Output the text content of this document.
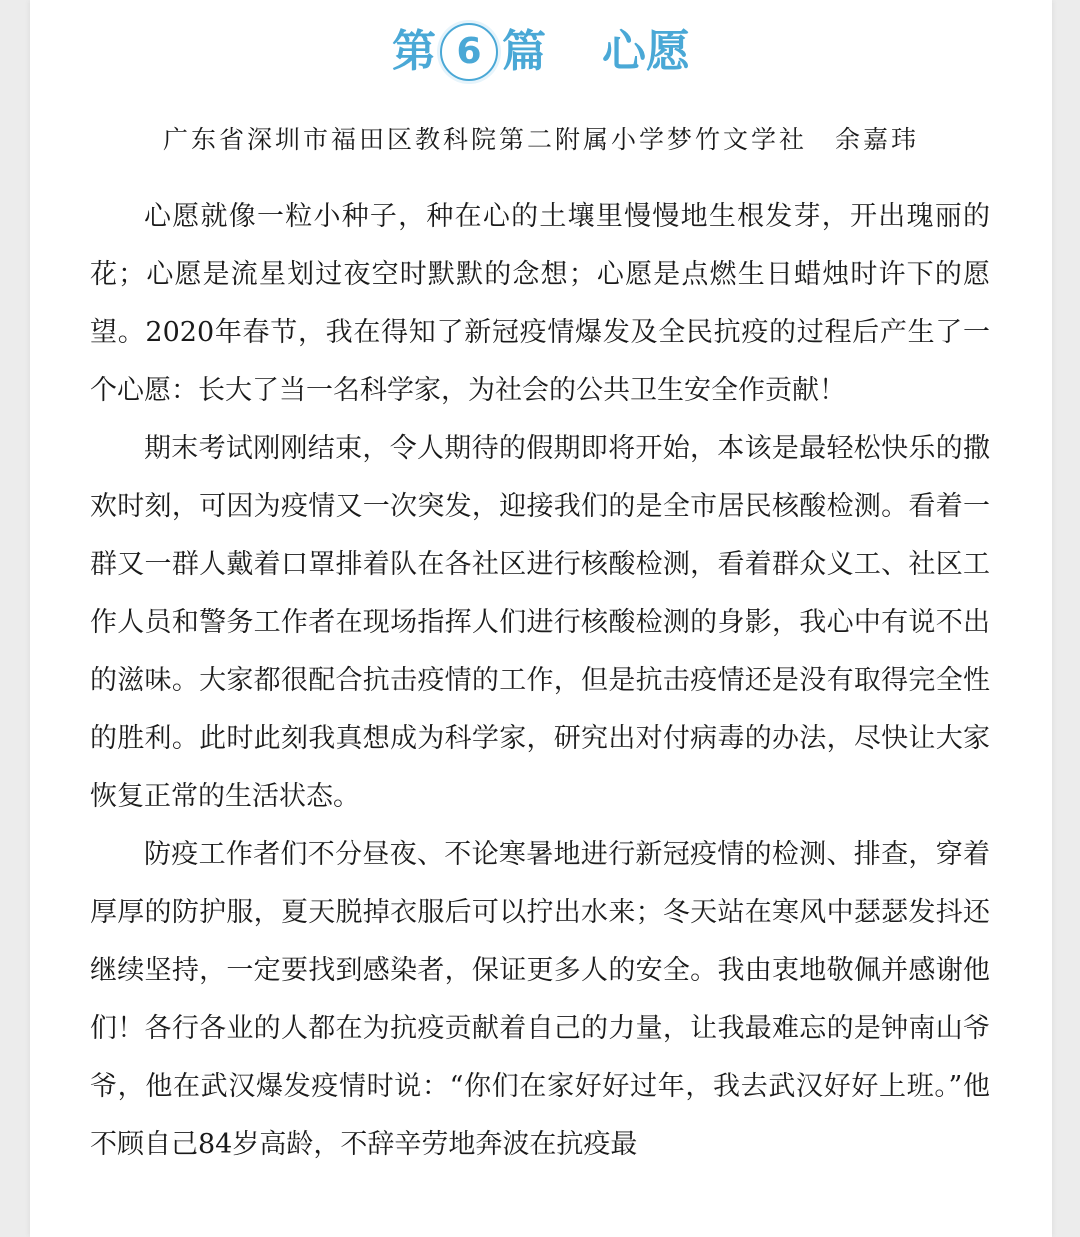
第 6 篇 心愿
广东省深圳市福田区教科院第二附属小学梦竹文学社 余嘉玮

心愿就像一粒小种子，种在心的土壤里慢慢地生根发芽，开出瑰丽的花；心愿是流星划过夜空时默默的念想；心愿是点燃生日蜡烛时许下的愿望。2020年春节，我在得知了新冠疫情爆发及全民抗疫的过程后产生了一个心愿：长大了当一名科学家，为社会的公共卫生安全作贡献！

期末考试刚刚结束，令人期待的假期即将开始，本该是最轻松快乐的撒欢时刻，可因为疫情又一次突发，迎接我们的是全市居民核酸检测。看着一群又一群人戴着口罩排着队在各社区进行核酸检测，看着群众义工、社区工作人员和警务工作者在现场指挥人们进行核酸检测的身影，我心中有说不出的滋味。大家都很配合抗击疫情的工作，但是抗击疫情还是没有取得完全性的胜利。此时此刻我真想成为科学家，研究出对付病毒的办法，尽快让大家恢复正常的生活状态。

防疫工作者们不分昼夜、不论寒暑地进行新冠疫情的检测、排查，穿着厚厚的防护服，夏天脱掉衣服后可以拧出水来；冬天站在寒风中瑟瑟发抖还继续坚持，一定要找到感染者，保证更多人的安全。我由衷地敬佩并感谢他们！各行各业的人都在为抗疫贡献着自己的力量，让我最难忘的是钟南山爷爷，他在武汉爆发疫情时说：“你们在家好好过年，我去武汉好好上班。”他不顾自己84岁高龄，不辞辛劳地奔波在抗疫最
